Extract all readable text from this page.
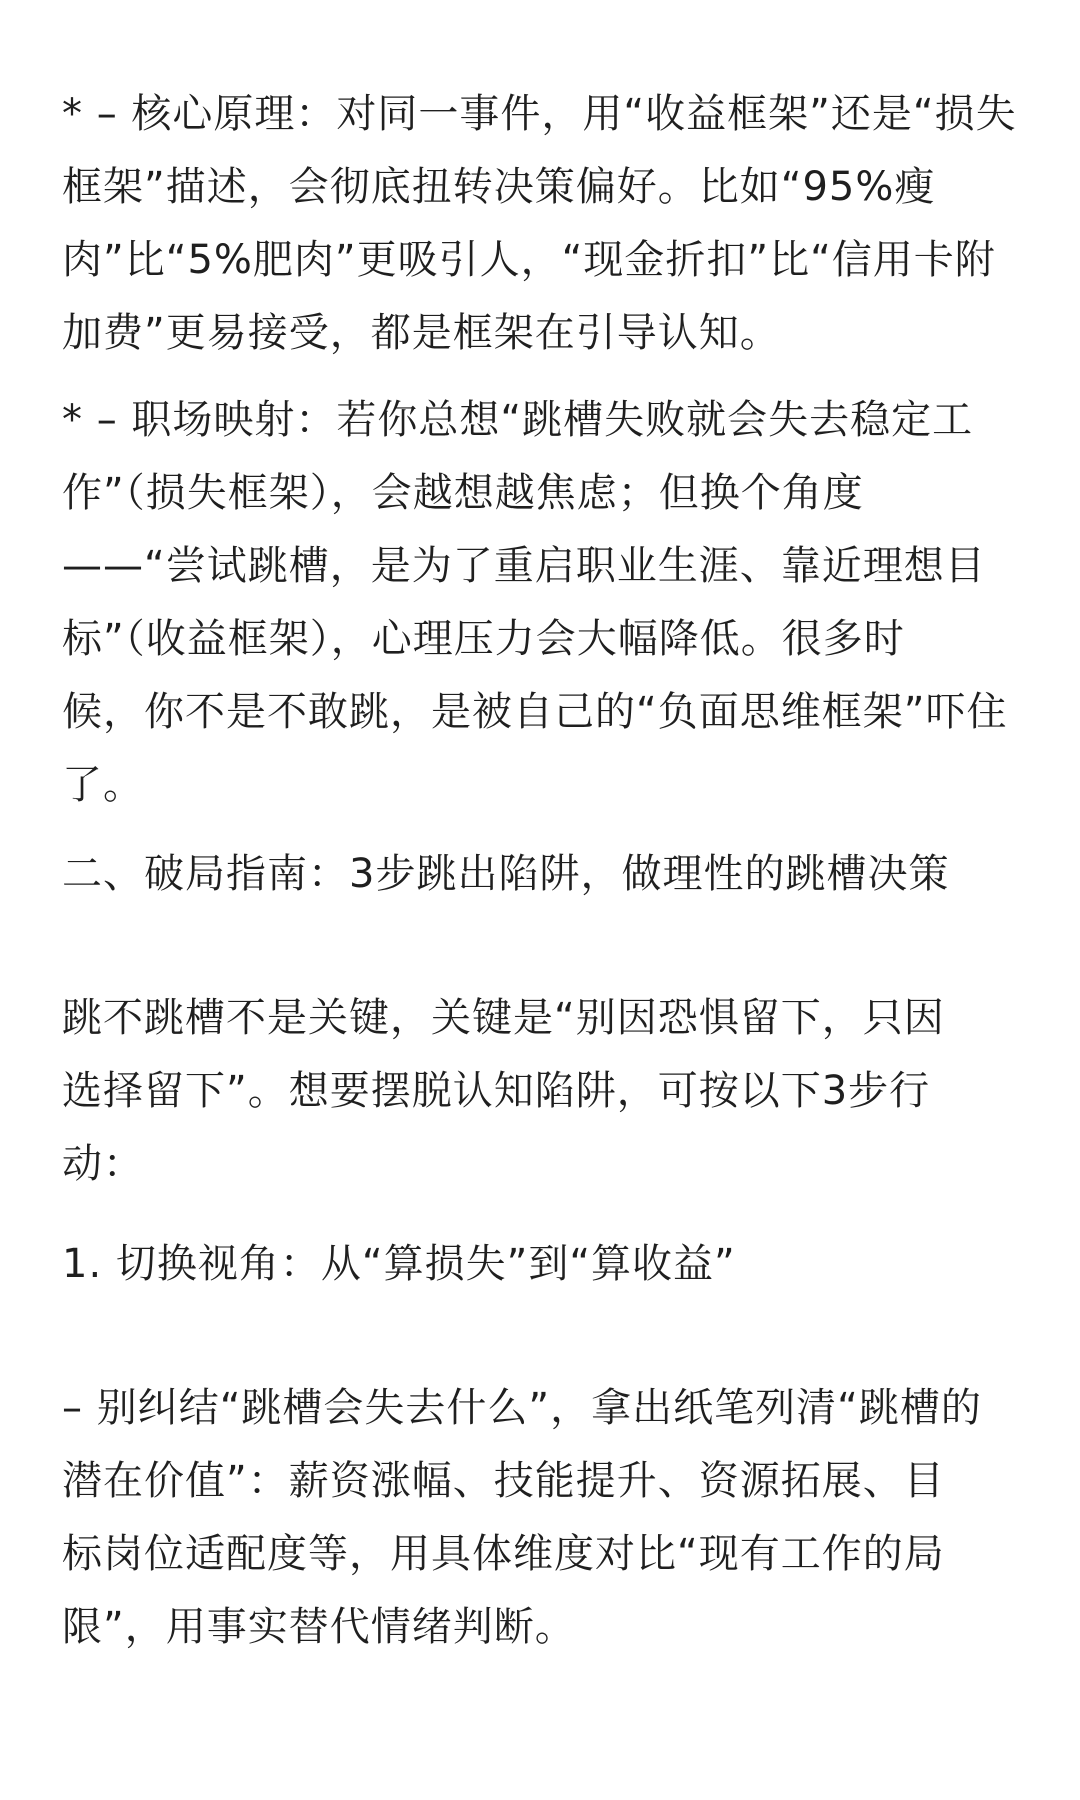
* – 核心原理：对同一事件，用“收益框架”还是“损失
框架”描述，会彻底扭转决策偏好。比如“95%瘦
肉”比“5%肥肉”更吸引人，“现金折扣”比“信用卡附
加费”更易接受，都是框架在引导认知。
* – 职场映射：若你总想“跳槽失败就会失去稳定工
作”（损失框架），会越想越焦虑；但换个角度
——“尝试跳槽，是为了重启职业生涯、靠近理想目
标”（收益框架），心理压力会大幅降低。很多时
候，你不是不敢跳，是被自己的“负面思维框架”吓住
了。
二、破局指南：3步跳出陷阱，做理性的跳槽决策
跳不跳槽不是关键，关键是“别因恐惧留下，只因
选择留下”。想要摆脱认知陷阱，可按以下3步行
动：
1. 切换视角：从“算损失”到“算收益”
– 别纠结“跳槽会失去什么”，拿出纸笔列清“跳槽的
潜在价值”：薪资涨幅、技能提升、资源拓展、目
标岗位适配度等，用具体维度对比“现有工作的局
限”，用事实替代情绪判断。
